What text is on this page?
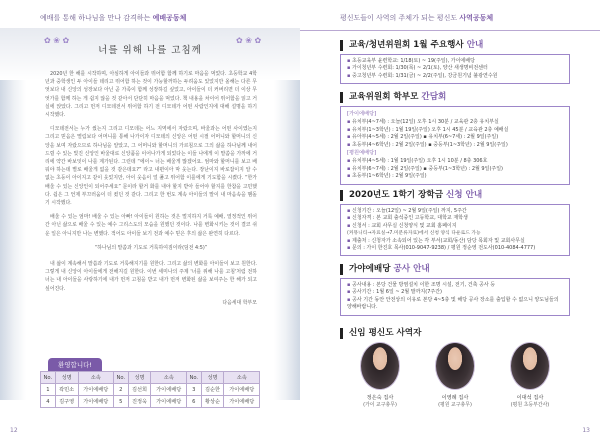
예배를 통해 하나님을 만나 감격하는 예배공동체
✿ ❀ ✿	✿ ❀ ✿
너를 위해 나를 고침께

2020년 한 해를 시작하며, 아심하게 아이들과 뛰어함 함께 하기로 마음을 먹었다. 초등학교 4학년과 중학생인 두 아이들 데리고 뛰어함 하는 것이 가능할까하는 두려움도 있었지만 올해는 다른 무엇보다 내 신앙의 성장보다 아닌 곧 가족이 함께 성장하길 싶었고, 아이들이 더 커버리면 더 이상 무엇가를 함께 하는 게 쉽지 않을 것 같아서 단단히 마음을 먹었다. 책 내용을 차이어 뛰어함을 읽고 거실에 앉았다. 그리고 먼저 디모데전서 뛰어함 하기 전 디모데가 어떤 사람인지에 대해 설명을 하기 시작했다.

디모데전서는 누가 썼는지 그리고 디모데는 어느 지역에서 자랐으며, 바울과는 어떤 사이였는지 그리고 믿음은 떨림보다 어머니를 통해 나가이자 디모데의 신앙은 어떤 시절 어머니와 할머니의 신앙을 보며 자랐으므로 하나님을 알았고, 그 어머니와 할머니의 가르침으로 그의 삶을 하나님께 내어 드릴 수 있는 빛진 신앙인 바울대로 신앙품을 이어나가게 되었다는 이들 나에게 이 말씀을 가까에 거리에 약간 바보잇이 나를 계가된다. 그런데 “에이~ 너는 배울게 많겠어요. 엄마와 할머니를 보고 배워야 하는데 별로 배울게 없을 것 같은데요?” 라고 내편이아 막 웃는다. 장난이지 바로잡이지 알 수 없는 초등이 아이지고 같이 웃었지만, 아이 웃음이 얼 풀고 뛰어함 이를에게 기도함을 시켰다. “한가 배울 수 있는 신앙인이 되어주세요” 문이라 할거 화를 내야 할지 받아 들어야 할지를 한참을 고민했다. 쉽은 그 언제 부끄러움이 더 컸던 것 같다. 그리고 한 번도 계속 아이들의 말이 내 마음속을 맴돌기 시작했다.

배울 수 있는 엄마! 배울 수 있는 아빠! 아이들이 원하는 것은 멀지하지 거룩 예배, 열정적인 뛰어간 아닌 삶으로 배울 수 있는 예수 그리스도의 모습을 원했던 것이다. 나를 변화시키는 것이 결코 쉬운 일은 아니지만 나는 변했다. 적어도 아이들 보기 전과 예수 믿은 후의 삶은 완연히 다르다.

“하나님의 말씀과 기도로 거룩하여짐이라(딤전 4:5)”

내 삶이 계속해서 말씀과 기도로 거룩해지기를 원한다. 그리고 삶의 변화를 아이들이 보고 원한다. 그렇게 내 신앙이 아이들에게 전해지길 원한다. 이번 세미나의 주제 '너를 위해 나를 고침'처럼 전하 너는 내 아이들을 사랑하기에 내가 먼저 고침을 받고 내가 먼저 변화된 삶을 보여주는 한 해가 되고 싶어진다.

다음세대 학부모

환영합니다!
No.	성명	소속	No.	성명	소속	No.	성명	소속
1	곽민소	가이에배당	2	김선희	가이에배당	3	김순한	가이에배당
4	김구영	가이에배당	5	진정욱	가이에배당	6	황상순	가이에배당
12
평신도들이 사역의 주체가 되는 평신도 사역공동체
교육/청년위원회 1월 주요행사 안내
▪ 초등교육부 윤련학교: 1/18(토) ~ 19(주일), 가이에배당
▪ 가이청년부 수련회: 1/30(목) ~ 2/1(토), 양산 새생명비전센터
▪ 중고청년부 수련회: 1/31(금) ~ 2/2(주일), 강금원기념 불광연수원
교육위원회 학부모 간담회
[가이에배당]
▪ 유치부(4~7세) : 오늘(12일) 오후 1시 30분 / 교육관 2층 유치부실
▪ 유치부(1~3학년) : 1월 19일(주일) 오후 1시 45분 / 교육관 2층 예배실
▪ 유아부(4~5세) : 2월 2일(주일) ▪ 유치부(6~7세) : 2월 9일(주일)
▪ 초등부(4~6학년) : 2월 2일(주일) ▪ 중등부(1~3학년) : 2월 9일(주일)
[평원예배당]
▪ 유치부(4~5세) : 1월 19일(주일) 오후 1시 10분 / 8층 306호
▪ 유치부(6~7세) : 2월 2일(주일) ▪ 중등부(1~3학년) : 2월 9일(주일)
▪ 초등부(1~6학년) : 2월 9일(주일)
2020년도 1학기 장학금 신청 안내
▪ 신청기간 : 오늘(12일) ~ 2월 9일(주일) 까지, 5주간
▪ 신청자격 : 본 교회 출석중인 고등학교, 대학교 재학생
▪ 신청서 : 교회 사무실 신청양식 및 교회 홈페이지
(커뮤니티→자료실→7.미분류자료)에서 신청 양식 다운로드 가능
▪ 제출처 : 신청자가 소속되어 있는 각 부서(교회/동산) 담당 목회자 및 교회사무실
▪ 문의 : 가이 한진호 목사(010-9047-9238) / 평원 정순영 전도사(010-4084-4777)
가야에배당 공사 안내
▪ 공사내용 : 본당 건물 방염설치 이한 조명 시설, 전기, 건축 공사 등
▪ 공사기간 : 1월 6일 ~ 2월 말까지(7주간)
▪ 공사 기간 동안 안전상의 이유로 본당 4~5층 및 해당 공사 장소를 출입할 수 없으니 양도님들의 양해바랍니다.
신임 평신도 사역자
정은숙 집사
(가이 교구총무)
이영례 집사
(평원 교구총무)
이대석 집사
(평원 초등부간사)
13
